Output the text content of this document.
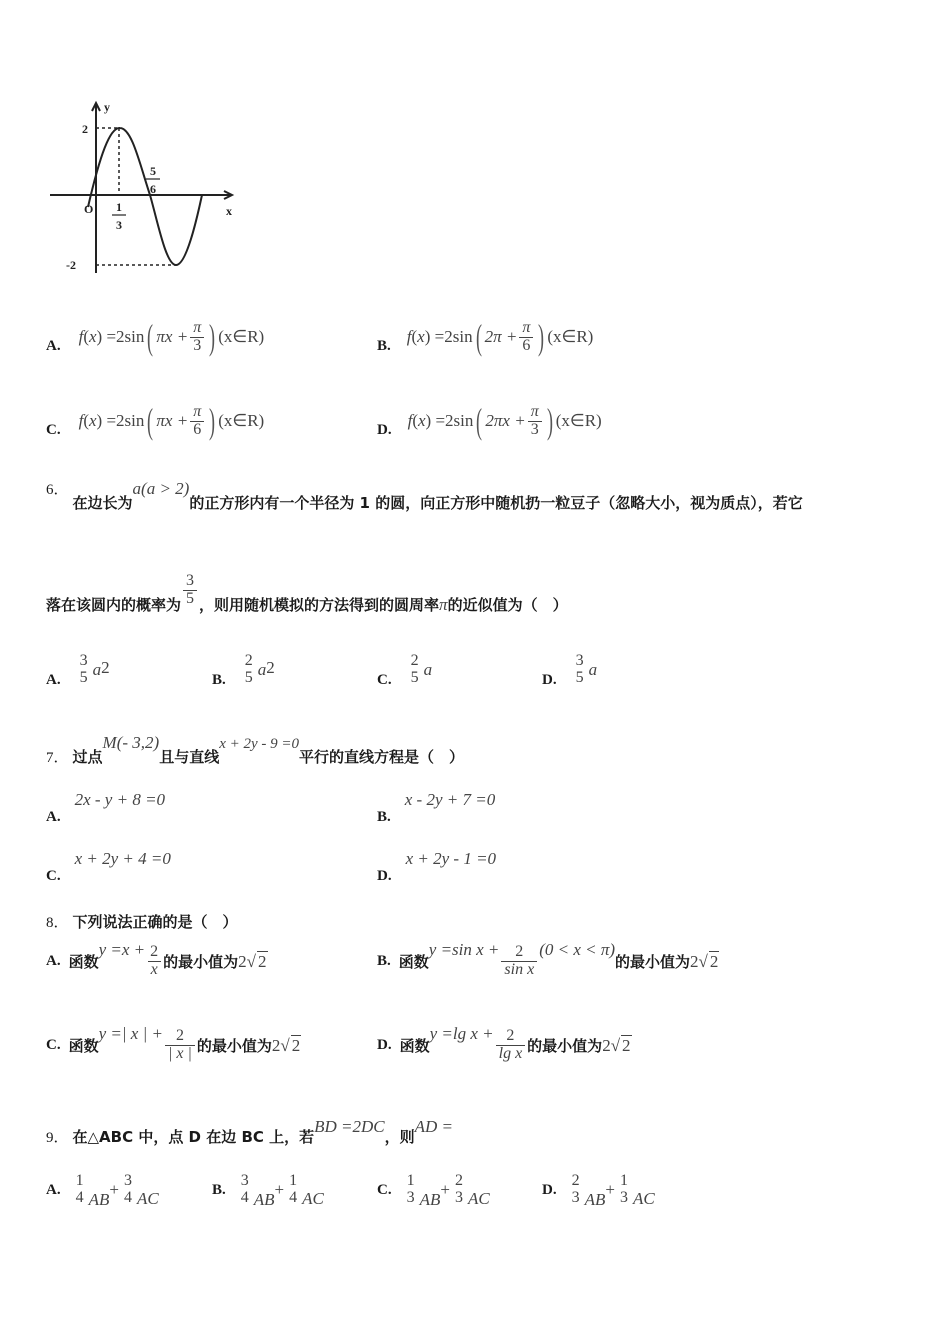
y
x
O
2
-2
1
3
5
6
A. f(x) =2sin ( $\pi x + \frac{\pi}{3}$ ) (x∈R)	B. f(x) =2sin ( $2\pi + \frac{\pi}{6}$ ) (x∈R)
C. f(x) =2sin ( $\pi x + \frac{\pi}{6}$ ) (x∈R)	D. f(x) =2sin ( $2\pi x + \frac{\pi}{3}$ ) (x∈R)
6． 在边长为a(a > 2)的正方形内有一个半径为 1 的圆，向正方形中随机扔一粒豆子（忽略大小，视为质点），若它
落在该圆内的概率为 $\frac{3}{5}$ ，则用随机模拟的方法得到的圆周率 π 的近似值为（　）
A.
3
5 a 2
B.
2
5 a 2
C.
2
5 a
D.
3
5 a
7． 过点M(- 3,2)且与直线x + 2y - 9 =0平行的直线方程是（　）
A. 2x - y + 8 =0
B. x - 2y + 7 =0
C. x + 2y + 4 =0
D. x + 2y - 1 =0
8． 下列说法正确的是（　）
A. 函数
$y =x + \frac{2}{x}$ 的最小值为 2√ 2	B. 函数
y =sin $x + \frac{2}{\text{sin x}} (0 < x < \pi)$
的最小值为 2√ 2
C. 函数
y =| x | + $\frac{2}{| x |}$ 的最小值为 2√ 2	D. 函数
y =lg $x + \frac{2}{\text{lg x}}$ 的最小值为 2√ 2
9． 在△ABC 中，点 D 在边 BC 上，若BD =2DC，则AD =
A.
1
4 AB
+ 3
4 AC	B.
3
4 AB
+ 1
4 AC	C.
1
3 AB
+ 2
3 AC	D.
2
3 AB
+ 1
3 AC
